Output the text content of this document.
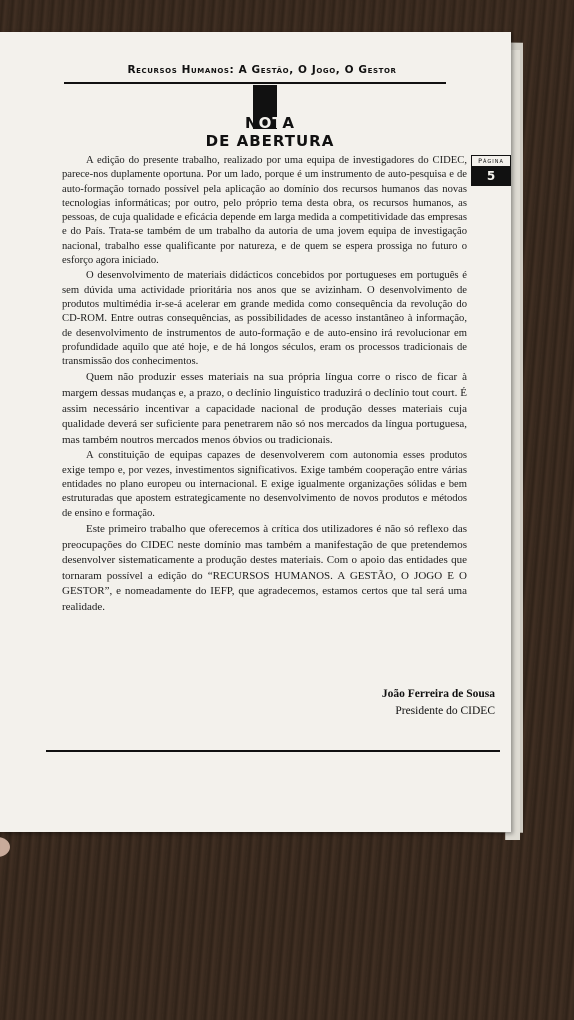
Recursos Humanos: A Gestão, O Jogo, O Gestor
NOTA
DE ABERTURA
Página
5

A edição do presente trabalho, realizado por uma equipa de investigadores do CIDEC, parece-nos duplamente oportuna. Por um lado, porque é um instrumento de auto-pesquisa e de auto-formação tornado possível pela aplicação ao domínio dos recursos humanos das novas tecnologias informáticas; por outro, pelo próprio tema desta obra, os recursos humanos, as pessoas, de cuja qualidade e eficácia depende em larga medida a competitividade das empresas e do País. Trata-se também de um trabalho da autoria de uma jovem equipa de investigação nacional, trabalho esse qualificante por natureza, e de quem se espera prossiga no futuro o esforço agora iniciado.

O desenvolvimento de materiais didácticos concebidos por portugueses em português é sem dúvida uma actividade prioritária nos anos que se avizinham. O desenvolvimento de produtos multimédia ir-se-á acelerar em grande medida como consequência da revolução do CD-ROM. Entre outras consequências, as possibilidades de acesso instantâneo à informação, de desenvolvimento de instrumentos de auto-formação e de auto-ensino irá revolucionar em profundidade aquilo que até hoje, e de há longos séculos, eram os processos tradicionais de transmissão dos conhecimentos.

Quem não produzir esses materiais na sua própria língua corre o risco de ficar à margem dessas mudanças e, a prazo, o declínio linguístico traduzirá o declínio tout court. É assim necessário incentivar a capacidade nacional de produção desses materiais cuja qualidade deverá ser suficiente para penetrarem não só nos mercados da língua portuguesa, mas também noutros mercados menos óbvios ou tradicionais.

A constituição de equipas capazes de desenvolverem com autonomia esses produtos exige tempo e, por vezes, investimentos significativos. Exige também cooperação entre várias entidades no plano europeu ou internacional. E exige igualmente organizações sólidas e bem estruturadas que apostem estrategicamente no desenvolvimento de novos produtos e métodos de ensino e formação.

Este primeiro trabalho que oferecemos à crítica dos utilizadores é não só reflexo das preocupações do CIDEC neste domínio mas também a manifestação de que pretendemos desenvolver sistematicamente a produção destes materiais. Com o apoio das entidades que tornaram possível a edição do “RECURSOS HUMANOS. A GESTÃO, O JOGO E O GESTOR”, e nomeadamente do IEFP, que agradecemos, estamos certos que tal será uma realidade.

João Ferreira de Sousa
Presidente do CIDEC
